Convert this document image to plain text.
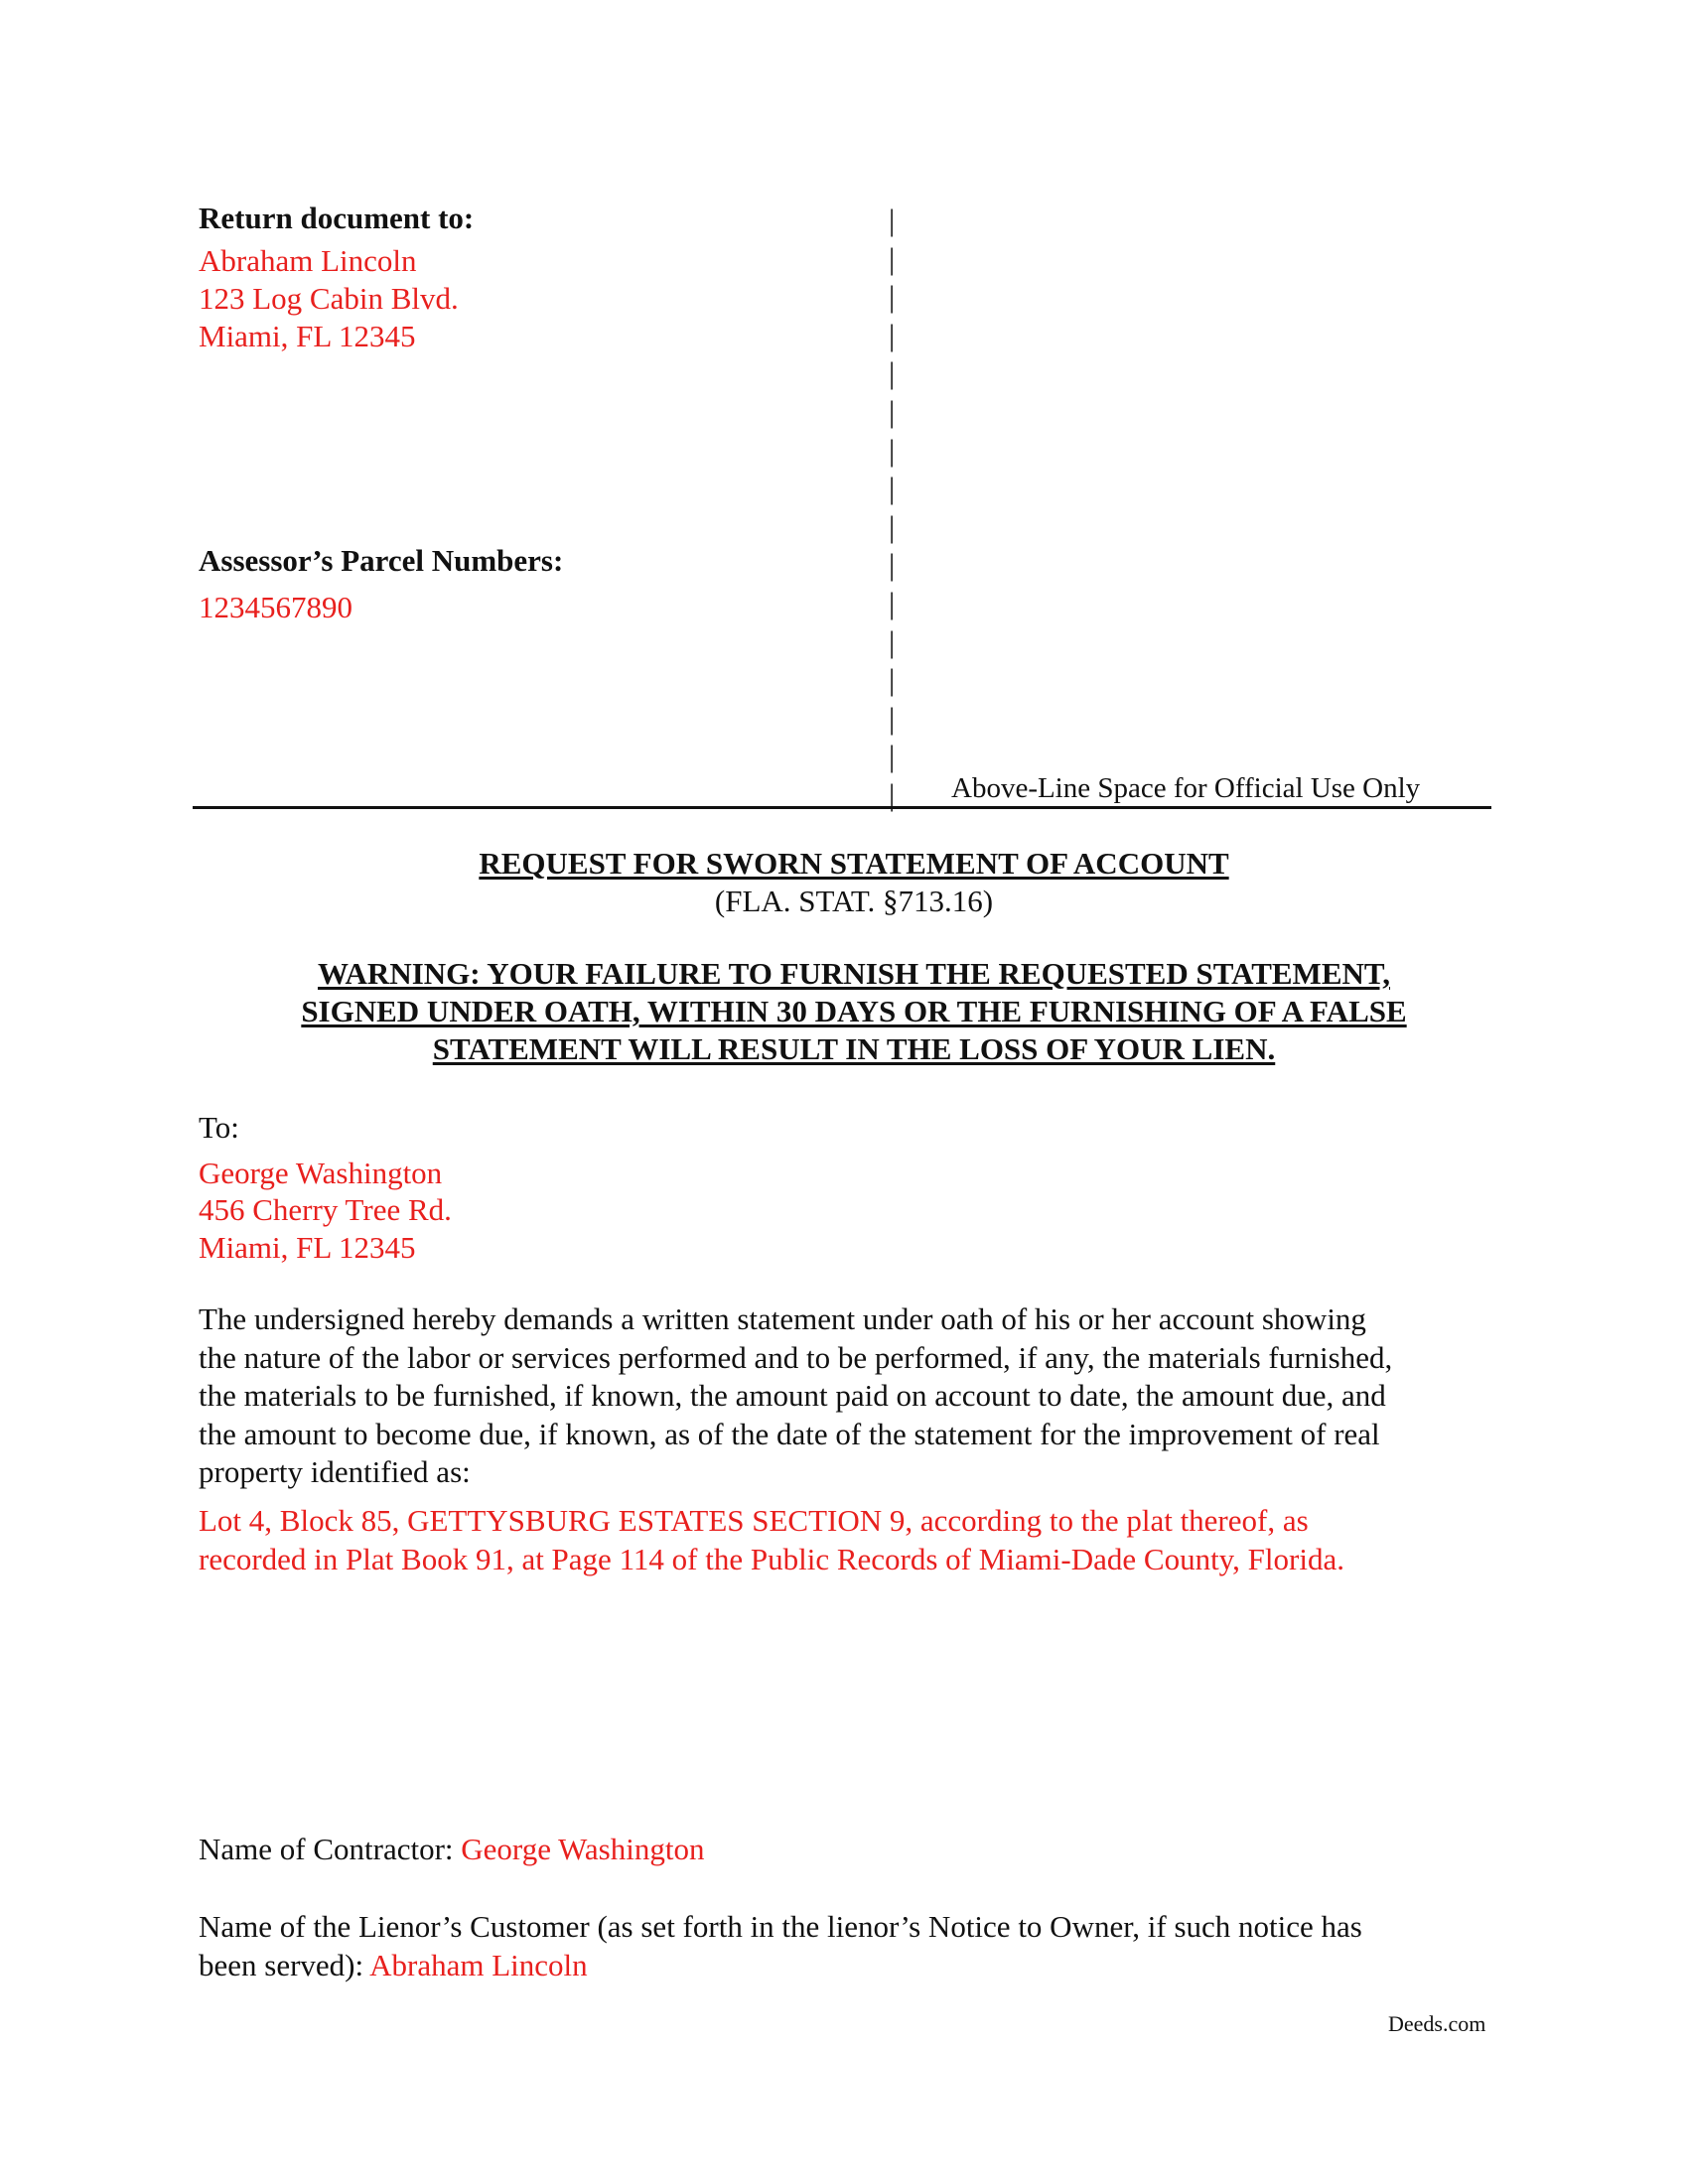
Return document to:
Abraham Lincoln
123 Log Cabin Blvd.
Miami, FL 12345
Assessor’s Parcel Numbers:
1234567890
|
|
|
|
|
|
|
|
|
|
|
|
|
|
|
| Above-Line Space for Official Use Only
REQUEST FOR SWORN STATEMENT OF ACCOUNT
(FLA. STAT. §713.16)
WARNING: YOUR FAILURE TO FURNISH THE REQUESTED STATEMENT,
SIGNED UNDER OATH, WITHIN 30 DAYS OR THE FURNISHING OF A FALSE
STATEMENT WILL RESULT IN THE LOSS OF YOUR LIEN.
To:
George Washington
456 Cherry Tree Rd.
Miami, FL 12345
The undersigned hereby demands a written statement under oath of his or her account showing
the nature of the labor or services performed and to be performed, if any, the materials furnished,
the materials to be furnished, if known, the amount paid on account to date, the amount due, and
the amount to become due, if known, as of the date of the statement for the improvement of real
property identified as:
Lot 4, Block 85, GETTYSBURG ESTATES SECTION 9, according to the plat thereof, as
recorded in Plat Book 91, at Page 114 of the Public Records of Miami-Dade County, Florida.
Name of Contractor: George Washington
Name of the Lienor’s Customer (as set forth in the lienor’s Notice to Owner, if such notice has
been served): Abraham Lincoln
Deeds.com
